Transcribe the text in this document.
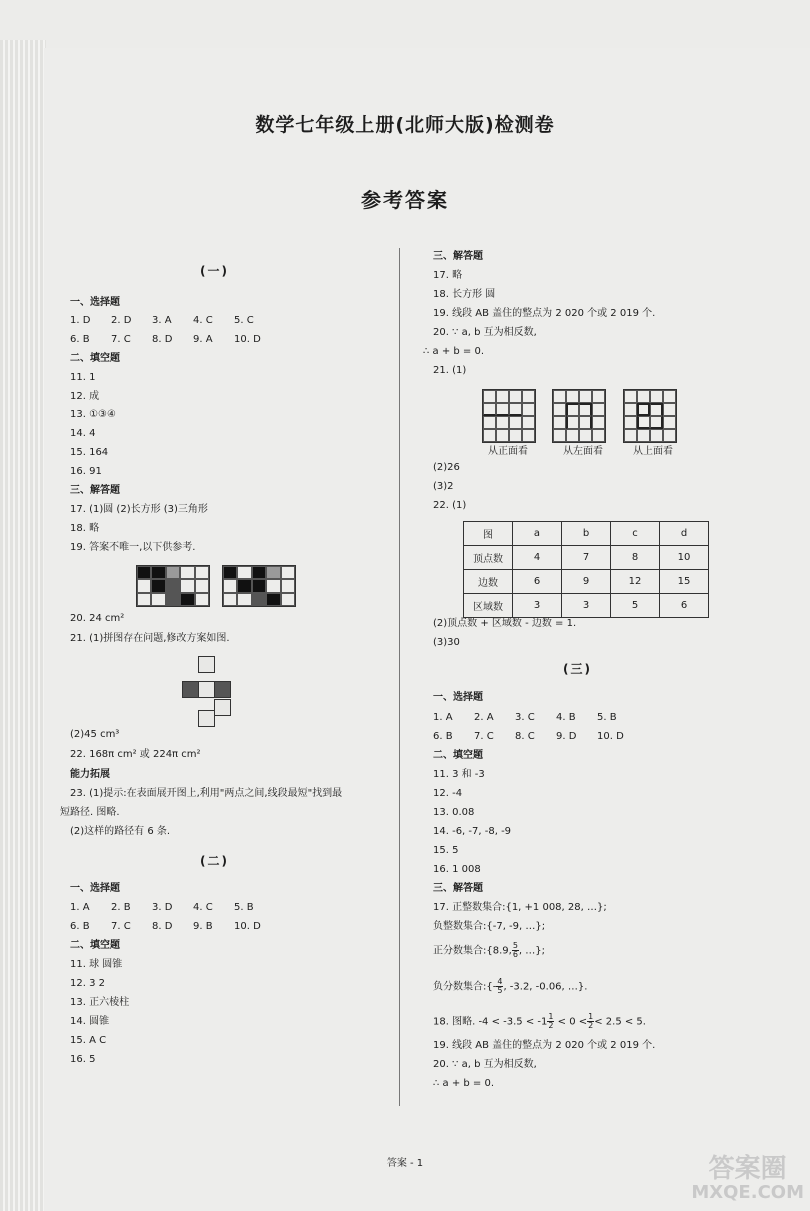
数学七年级上册(北师大版)检测卷
参考答案
(一)
一、选择题
1. D 2. D 3. A 4. C 5. C
6. B 7. C 8. D 9. A 10. D
二、填空题
11. 1
12. 成
13. ①③④
14. 4
15. 164
16. 91
三、解答题
17. (1)圆 (2)长方形 (3)三角形
18. 略
19. 答案不唯一,以下供参考.
20. 24 cm²
21. (1)拼图存在问题,修改方案如图.
(2)45 cm³
22. 168π cm² 或 224π cm²
能力拓展
23. (1)提示:在表面展开图上,利用"两点之间,线段最短"找到最
短路径. 图略.
(2)这样的路径有 6 条.
(二)
一、选择题
1. A 2. B 3. D 4. C 5. B
6. B 7. C 8. D 9. B 10. D
二、填空题
11. 球 圆锥
12. 3 2
13. 正六棱柱
14. 圆锥
15. A C
16. 5
三、解答题
17. 略
18. 长方形 圆
19. 线段 AB 盖住的整点为 2 020 个或 2 019 个.
20. ∵ a, b 互为相反数,
∴ a + b = 0.
21. (1)
从正面看	从左面看	从上面看
(2)26
(3)2
22. (1)
(2)顶点数 + 区域数 - 边数 = 1.
(3)30
(三)
一、选择题
1. A 2. A 3. C 4. B 5. B
6. B 7. C 8. C 9. D 10. D
二、填空题
11. 3 和 -3
12. -4
13. 0.08
14. -6, -7, -8, -9
15. 5
16. 1 008
三、解答题
17. 正整数集合:{1, +1 008, 28, …};
负整数集合:{-7, -9, …};
正分数集合:{8.9, $\frac{5}{6}$ , …};
负分数集合:{- $\frac{4}{5}$ , -3.2, -0.06, …}.
18. 图略. $-4 < -3.5 < -1 \frac{1}{2} < 0 < \frac{1}{2} < 2.5 < 5$.
19. 线段 AB 盖住的整点为 2 020 个或 2 019 个.
20. ∵ a, b 互为相反数,
∴ a + b = 0.
图	a	b	c	d
顶点数	4	7	8	10
边数	6	9	12	15
区域数	3	3	5	6
答案 - 1	答案圈
MXQE.COM
